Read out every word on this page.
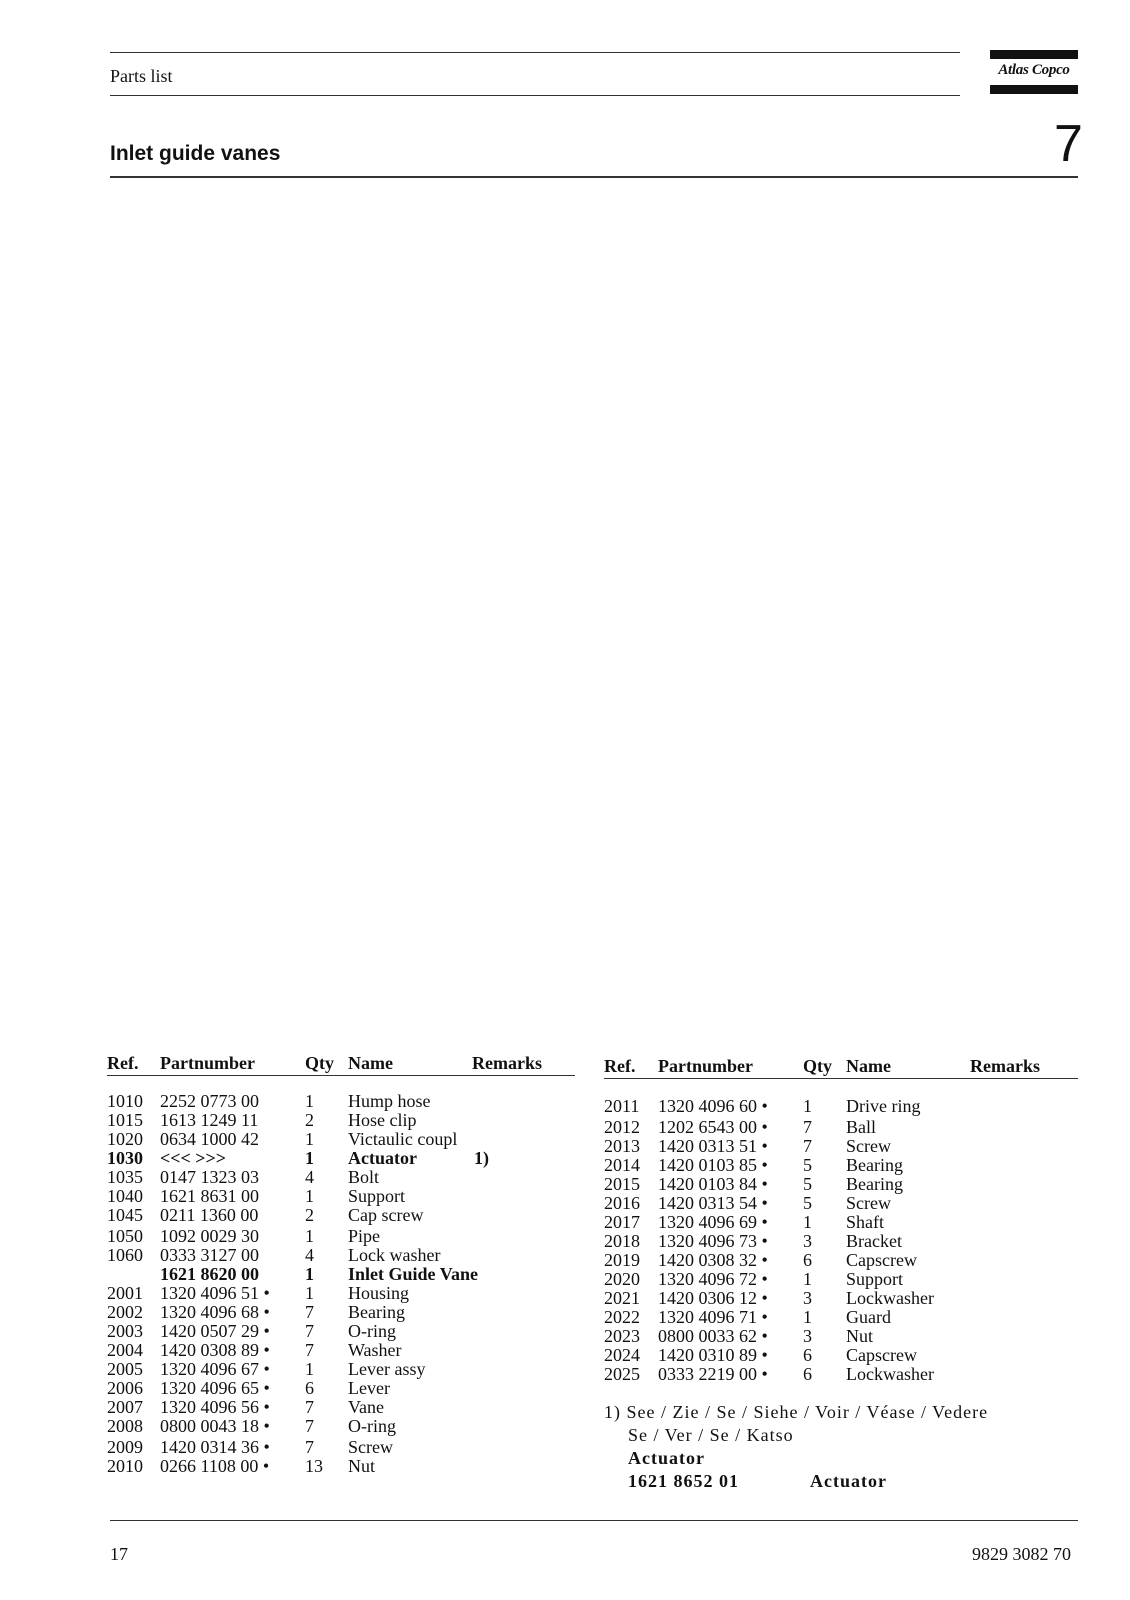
Parts list	Atlas Copco
Inlet guide vanes	7
Ref. Partnumber	Qty Name	Remarks
1010 2252 0773 00	1 Hump hose
1015 1613 1249 11	2 Hose clip
1020 0634 1000 42	1 Victaulic coupl
1030 <<< >>>	1 Actuator	1)
1035 0147 1323 03	4 Bolt
1040 1621 8631 00	1 Support
1045 0211 1360 00	2 Cap screw
1050 1092 0029 30	1 Pipe
1060 0333 3127 00	4 Lock washer
1621 8620 00	1 Inlet Guide Vane
2001 1320 4096 51 • 1 Housing
2002 1320 4096 68 • 7 Bearing
2003 1420 0507 29 • 7 O-ring
2004 1420 0308 89 • 7 Washer
2005 1320 4096 67 • 1 Lever assy
2006 1320 4096 65 • 6 Lever
2007 1320 4096 56 • 7 Vane
2008 0800 0043 18 • 7 O-ring
2009 1420 0314 36 • 7 Screw
2010 0266 1108 00 • 13 Nut
Ref. Partnumber	Qty Name	Remarks
2011 1320 4096 60 • 1 Drive ring
2012 1202 6543 00 • 7 Ball
2013 1420 0313 51 • 7 Screw
2014 1420 0103 85 • 5 Bearing
2015 1420 0103 84 • 5 Bearing
2016 1420 0313 54 • 5 Screw
2017 1320 4096 69 • 1 Shaft
2018 1320 4096 73 • 3 Bracket
2019 1420 0308 32 • 6 Capscrew
2020 1320 4096 72 • 1 Support
2021 1420 0306 12 • 3 Lockwasher
2022 1320 4096 71 • 1 Guard
2023 0800 0033 62 • 3 Nut
2024 1420 0310 89 • 6 Capscrew
2025 0333 2219 00 • 6 Lockwasher
1) See / Zie / Se / Siehe / Voir / Véase / Vedere
Se / Ver / Se / Katso
Actuator
1621 8652 01	Actuator
17	9829 3082 70
